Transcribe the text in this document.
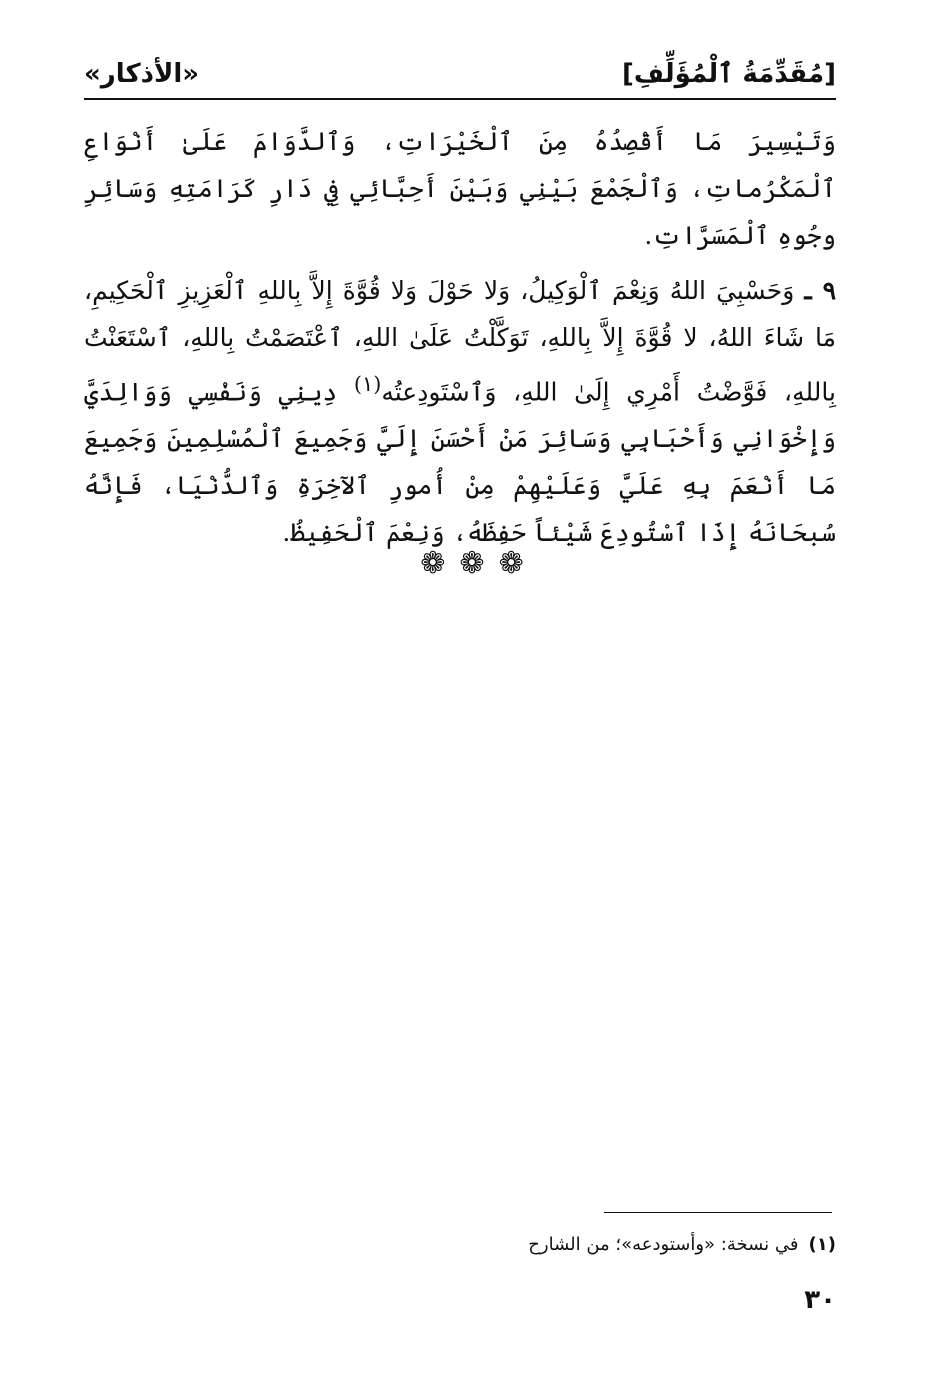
[مُقَدِّمَةُ ٱلْمُؤَلِّفِ]
«الأذكار»

وَتَيْسِيرَ مَا أَقْصِدُهُ مِنَ ٱلْخَيْرَاتِ، وَٱلدَّوَامَ عَلَىٰ أَنْوَاعِ ٱلْمَكْرُماتِ، وَٱلْجَمْعَ بَيْنِي وَبَيْنَ أَحِبَّائِي فِي دَارِ كَرَامَتِهِ وَسَائِرِ وجُوهِ ٱلْمَسَرَّاتِ.

٩ ـ وَحَسْبِيَ اللهُ وَنِعْمَ ٱلْوَكِيلُ، وَلا حَوْلَ وَلا قُوَّةَ إِلاَّ بِاللهِ ٱلْعَزِيزِ ٱلْحَكِيمِ، مَا شَاءَ اللهُ، لا قُوَّةَ إِلاَّ بِاللهِ، تَوَكَّلْتُ عَلَىٰ اللهِ، ٱعْتَصَمْتُ بِاللهِ، ٱسْتَعَنْتُ بِاللهِ، فَوَّضْتُ أَمْرِي إِلَىٰ اللهِ، وَٱسْتَودِعتُه$^{(١)}$ دِينِي وَنَفْسِي وَوَالِدَيَّ وَإِخْوَانِي وَأَحْبَابِي وَسَائِرَ مَنْ أَحْسَنَ إِلَيَّ وَجَمِيعَ ٱلْمُسْلِمِينَ وَجَمِيعَ مَا أَنْعَمَ بِهِ عَلَيَّ وَعَلَيْهِمْ مِنْ أُمورِ ٱلآخِرَةِ وَٱلدُّنْيَا، فَإِنَّهُ سُبحَانَهُ إِذَا ٱسْتُودِعَ شَيْئاً حَفِظَهُ، وَنِعْمَ ٱلْحَفِيظُ.

❁ ❁ ❁
(١)في نسخة: «وأستودعه»؛ من الشارح
٣٠
